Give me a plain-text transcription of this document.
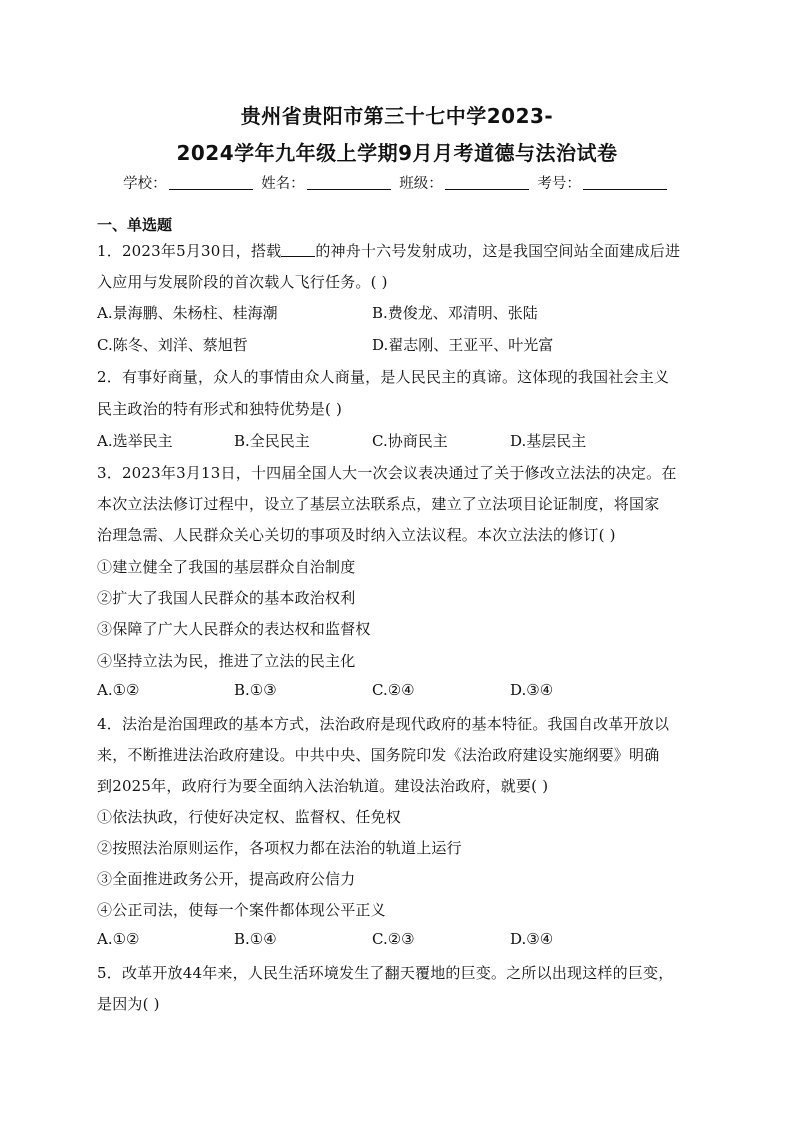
贵州省贵阳市第三十七中学2023-
2024学年九年级上学期9月月考道德与法治试卷
学校：	姓名：	班级：	考号：
一、单选题
1．2023年5月30日，搭载 的神舟十六号发射成功，这是我国空间站全面建成后进
入应用与发展阶段的首次载人飞行任务。( )
A.景海鹏、朱杨柱、桂海潮	B.费俊龙、邓清明、张陆
C.陈冬、刘洋、蔡旭哲	D.翟志刚、王亚平、叶光富
2．有事好商量，众人的事情由众人商量，是人民民主的真谛。这体现的我国社会主义
民主政治的特有形式和独特优势是( )
A.选举民主	B.全民民主	C.协商民主	D.基层民主
3．2023年3月13日，十四届全国人大一次会议表决通过了关于修改立法法的决定。在
本次立法法修订过程中，设立了基层立法联系点，建立了立法项目论证制度，将国家
治理急需、人民群众关心关切的事项及时纳入立法议程。本次立法法的修订( )
①建立健全了我国的基层群众自治制度
②扩大了我国人民群众的基本政治权利
③保障了广大人民群众的表达权和监督权
④坚持立法为民，推进了立法的民主化
A.①②	B.①③	C.②④	D.③④
4．法治是治国理政的基本方式，法治政府是现代政府的基本特征。我国自改革开放以
来，不断推进法治政府建设。中共中央、国务院印发《法治政府建设实施纲要》明确
到2025年，政府行为要全面纳入法治轨道。建设法治政府，就要( )
①依法执政，行使好决定权、监督权、任免权
②按照法治原则运作，各项权力都在法治的轨道上运行
③全面推进政务公开，提高政府公信力
④公正司法，使每一个案件都体现公平正义
A.①②	B.①④	C.②③	D.③④
5．改革开放44年来，人民生活环境发生了翻天覆地的巨变。之所以出现这样的巨变，
是因为( )
